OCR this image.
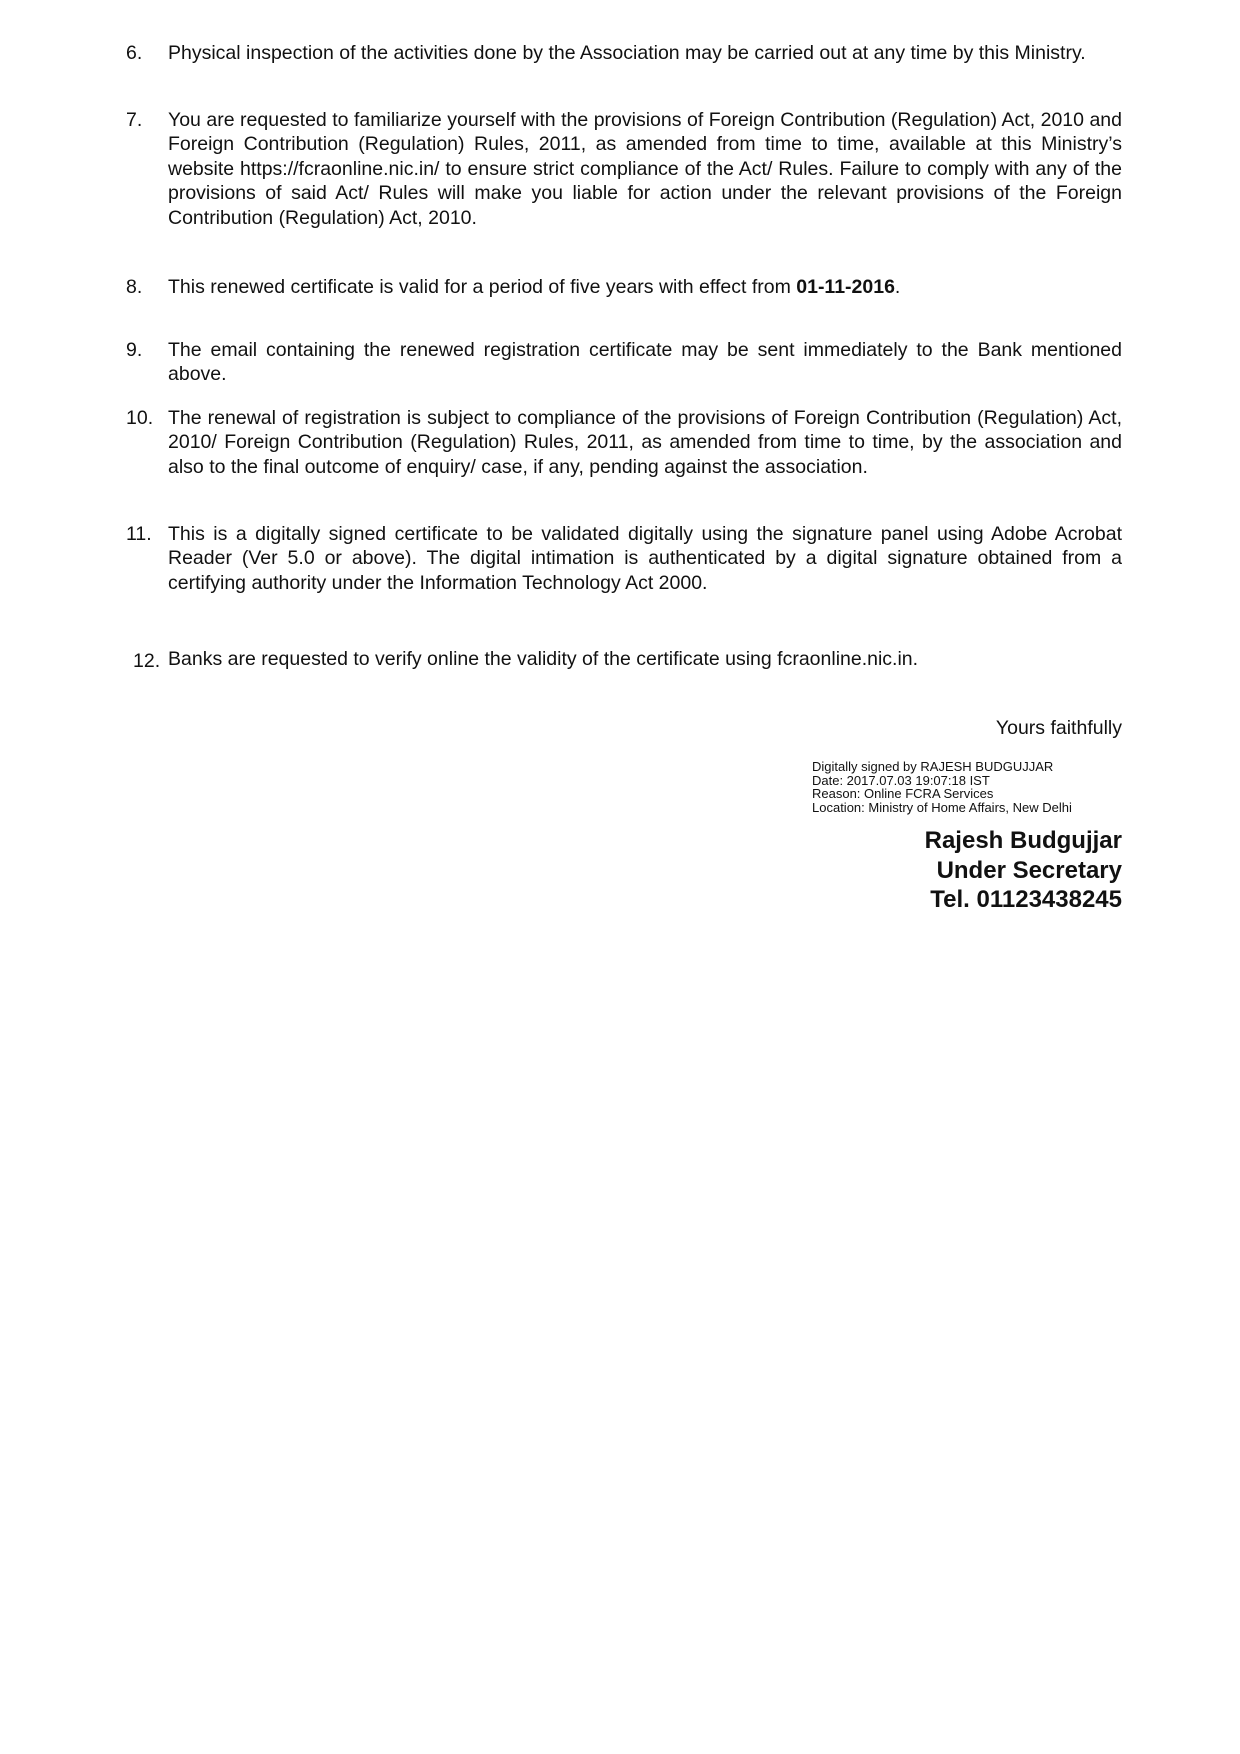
6.	Physical inspection of the activities done by the Association may be carried out at any time by this Ministry.
7.	You are requested to familiarize yourself with the provisions of Foreign Contribution (Regulation) Act, 2010 and Foreign Contribution (Regulation) Rules, 2011, as amended from time to time, available at this Ministry’s website https://fcraonline.nic.in/ to ensure strict compliance of the Act/ Rules. Failure to comply with any of the provisions of said Act/ Rules will make you liable for action under the relevant provisions of the Foreign Contribution (Regulation) Act, 2010.
8.	This renewed certificate is valid for a period of five years with effect from 01-11-2016.
9.	The email containing the renewed registration certificate may be sent immediately to the Bank mentioned above.
10. The renewal of registration is subject to compliance of the provisions of Foreign Contribution (Regulation) Act, 2010/ Foreign Contribution (Regulation) Rules, 2011, as amended from time to time, by the association and also to the final outcome of enquiry/ case, if any, pending against the association.
11. This is a digitally signed certificate to be validated digitally using the signature panel using Adobe Acrobat Reader (Ver 5.0 or above). The digital intimation is authenticated by a digital signature obtained from a certifying authority under the Information Technology Act 2000.
12. Banks are requested to verify online the validity of the certificate using fcraonline.nic.in.
Yours faithfully
Digitally signed by RAJESH BUDGUJJAR
Date: 2017.07.03 19:07:18 IST
Reason: Online FCRA Services
Location: Ministry of Home Affairs, New Delhi
Rajesh Budgujjar
Under Secretary
Tel. 01123438245
